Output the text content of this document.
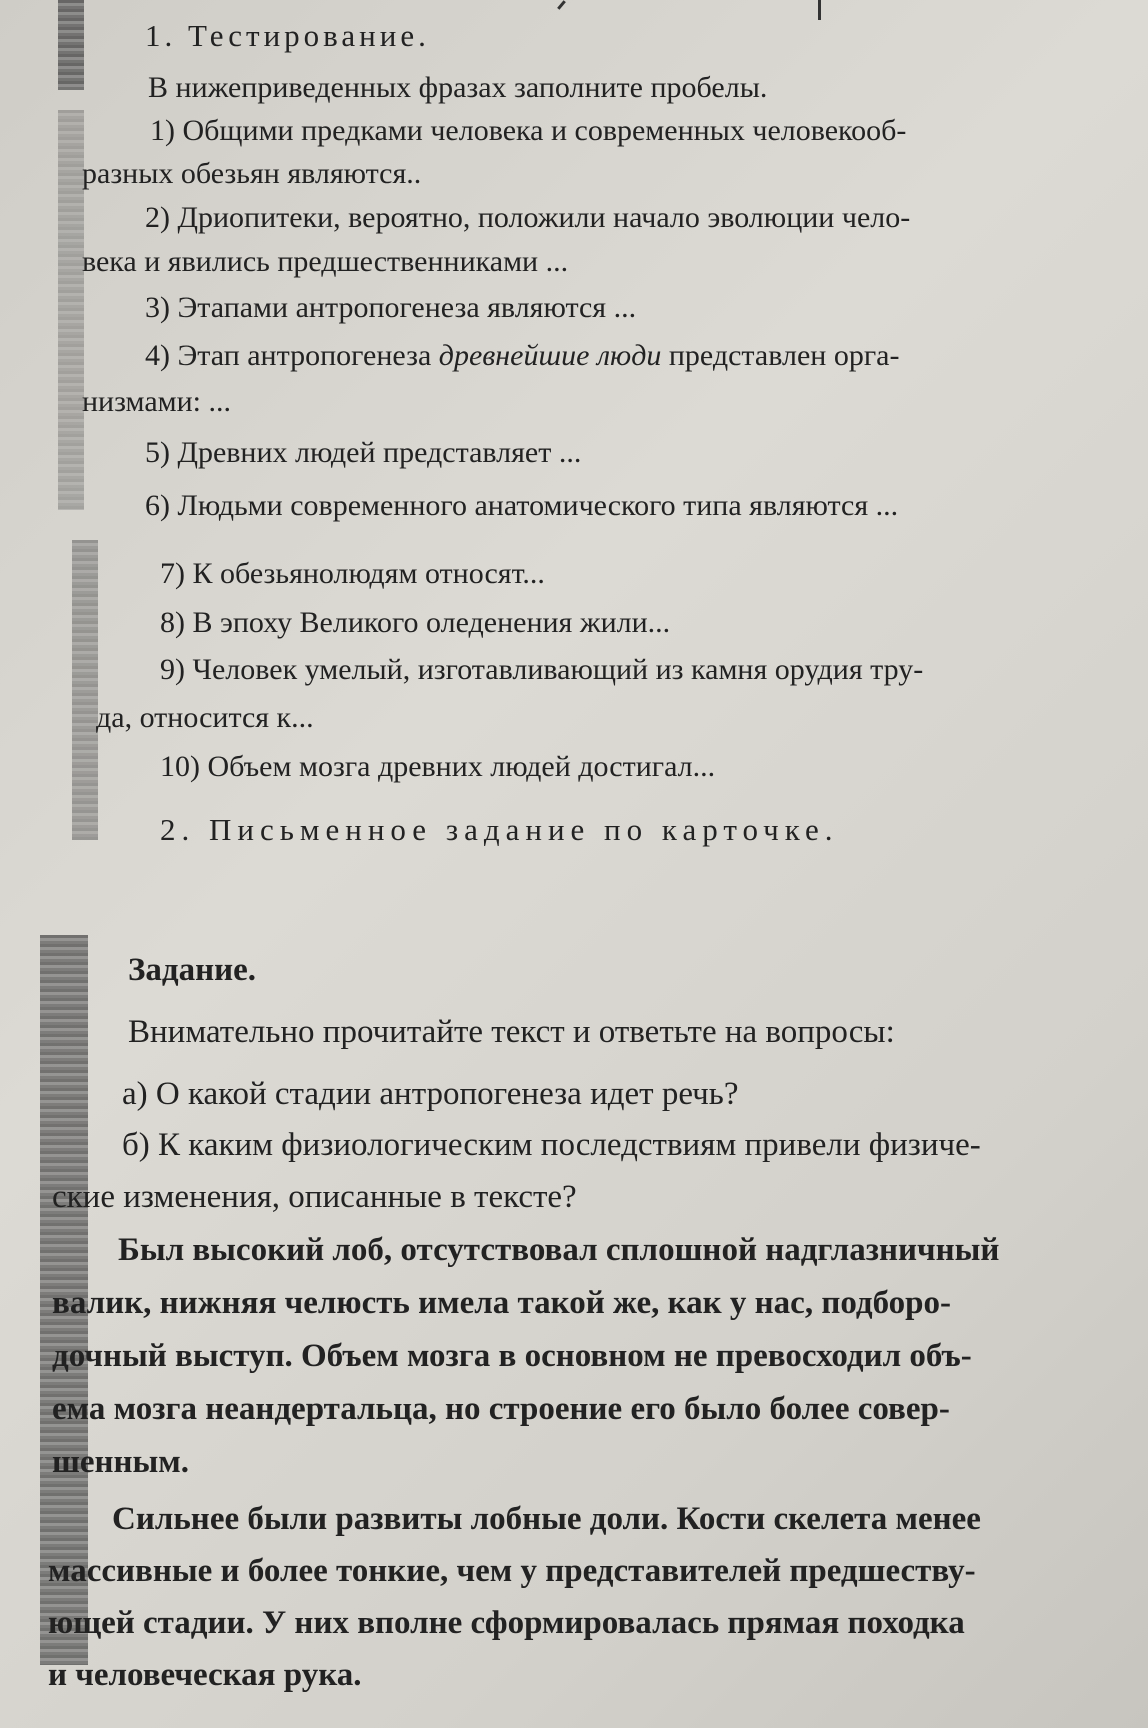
1. Тестирование.
В нижеприведенных фразах заполните пробелы.
1) Общими предками человека и современных человекооб-
разных обезьян являются..
2) Дриопитеки, вероятно, положили начало эволюции чело-
века и явились предшественниками ...
3) Этапами антропогенеза являются ...
4) Этап антропогенеза древнейшие люди представлен орга-
низмами: ...
5) Древних людей представляет ...
6) Людьми современного анатомического типа являются ...
7) К обезьянолюдям относят...
8) В эпоху Великого оледенения жили...
9) Человек умелый, изготавливающий из камня орудия тру-
да, относится к...
10) Объем мозга древних людей достигал...
2. Письменное задание по карточке.
Задание.
Внимательно прочитайте текст и ответьте на вопросы:
а) О какой стадии антропогенеза идет речь?
б) К каким физиологическим последствиям привели физиче-
ские изменения, описанные в тексте?
Был высокий лоб, отсутствовал сплошной надглазничный
валик, нижняя челюсть имела такой же, как у нас, подборо-
дочный выступ. Объем мозга в основном не превосходил объ-
ема мозга неандертальца, но строение его было более совер-
шенным.
Сильнее были развиты лобные доли. Кости скелета менее
массивные и более тонкие, чем у представителей предшеству-
ющей стадии. У них вполне сформировалась прямая походка
и человеческая рука.
